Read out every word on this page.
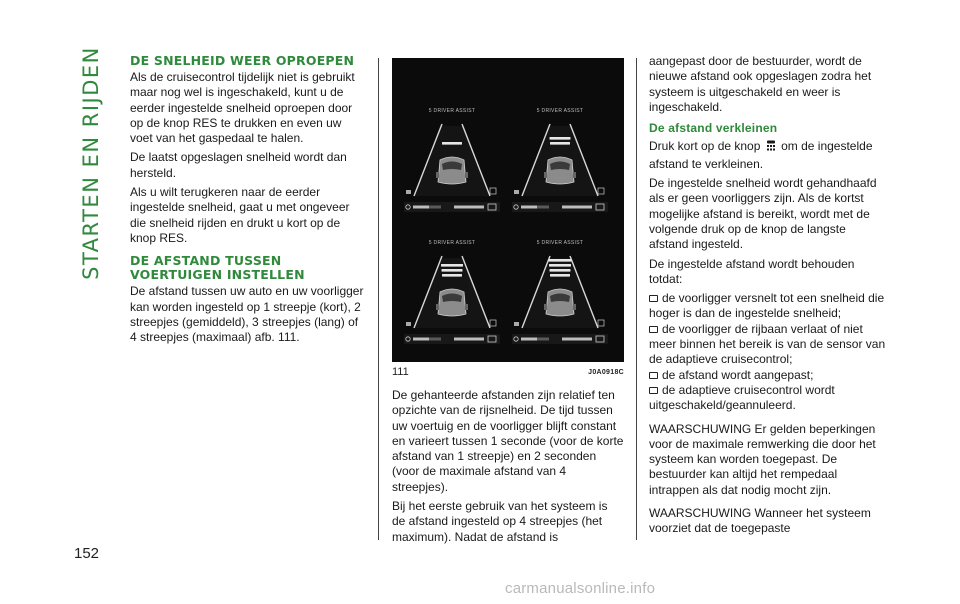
STARTEN EN RIJDEN DE SNELHEID WEER OPROEPEN

Als de cruisecontrol tijdelijk niet is gebruikt maar nog wel is ingeschakeld, kunt u de eerder ingestelde snelheid oproepen door op de knop RES te drukken en even uw voet van het gaspedaal te halen.

De laatst opgeslagen snelheid wordt dan hersteld.

Als u wilt terugkeren naar de eerder ingestelde snelheid, gaat u met ongeveer die snelheid rijden en drukt u kort op de knop RES.

DE AFSTAND TUSSEN
VOERTUIGEN INSTELLEN

De afstand tussen uw auto en uw voorligger kan worden ingesteld op 1 streepje (kort), 2 streepjes (gemiddeld), 3 streepjes (lang) of 4 streepjes (maximaal) afb. 111.

5 DRIVER ASSIST	5 DRIVER ASSIST
5 DRIVER ASSIST	5 DRIVER ASSIST
111	J0A0918C

De gehanteerde afstanden zijn relatief ten opzichte van de rijsnelheid. De tijd tussen uw voertuig en de voorligger blijft constant en varieert tussen 1 seconde (voor de korte afstand van 1 streepje) en 2 seconden (voor de maximale afstand van 4 streepjes).

Bij het eerste gebruik van het systeem is de afstand ingesteld op 4 streepjes (het maximum). Nadat de afstand is

aangepast door de bestuurder, wordt de nieuwe afstand ook opgeslagen zodra het systeem is uitgeschakeld en weer is ingeschakeld.

De afstand verkleinen

Druk kort op de knop om de ingestelde afstand te verkleinen.

De ingestelde snelheid wordt gehandhaafd als er geen voorliggers zijn. Als de kortst mogelijke afstand is bereikt, wordt met de volgende druk op de knop de langste afstand ingesteld.

De ingestelde afstand wordt behouden totdat:

de voorligger versnelt tot een snelheid die hoger is dan de ingestelde snelheid;

de voorligger de rijbaan verlaat of niet meer binnen het bereik is van de sensor van de adaptieve cruisecontrol;

de afstand wordt aangepast;

de adaptieve cruisecontrol wordt uitgeschakeld/geannuleerd.

WAARSCHUWING Er gelden beperkingen voor de maximale remwerking die door het systeem kan worden toegepast. De bestuurder kan altijd het rempedaal intrappen als dat nodig mocht zijn.

WAARSCHUWING Wanneer het systeem voorziet dat de toegepaste

152
carmanualsonline.info
